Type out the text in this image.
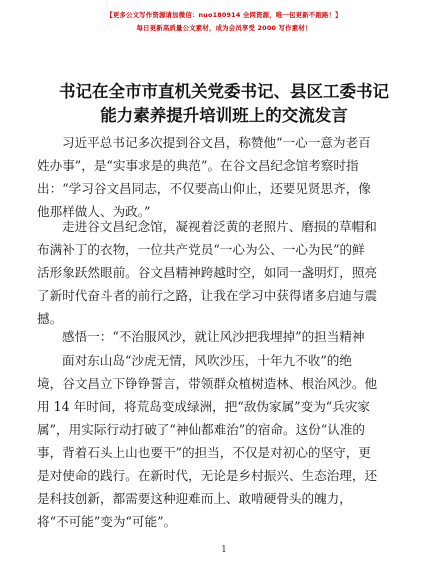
【更多公文写作资源请加微信：nuo180914 全网资源，唯一包更新不跑路！】
每日更新高质量公文素材，成为会员享受 2000 写作素材！
书记在全市市直机关党委书记、县区工委书记
能力素养提升培训班上的交流发言
习近平总书记多次提到谷文昌，称赞他“一心一意为老百
姓办事”，是“实事求是的典范”。在谷文昌纪念馆考察时指
出：“学习谷文昌同志，不仅要高山仰止，还要见贤思齐，像
他那样做人、为政。”
走进谷文昌纪念馆，凝视着泛黄的老照片、磨损的草帽和
布满补丁的衣物，一位共产党员“一心为公、一心为民”的鲜
活形象跃然眼前。谷文昌精神跨越时空，如同一盏明灯，照亮
了新时代奋斗者的前行之路，让我在学习中获得诸多启迪与震
撼。
感悟一：“不治服风沙，就让风沙把我埋掉”的担当精神
面对东山岛“沙虎无情，风吹沙压，十年九不收”的绝
境，谷文昌立下铮铮誓言，带领群众植树造林、根治风沙。他
用 14 年时间，将荒岛变成绿洲，把“敌伪家属”变为“兵灾家
属”，用实际行动打破了“神仙都难治”的宿命。这份“认准的
事，背着石头上山也要干”的担当，不仅是对初心的坚守，更
是对使命的践行。在新时代，无论是乡村振兴、生态治理，还
是科技创新，都需要这种迎难而上、敢啃硬骨头的魄力，
将“不可能”变为“可能”。
1
